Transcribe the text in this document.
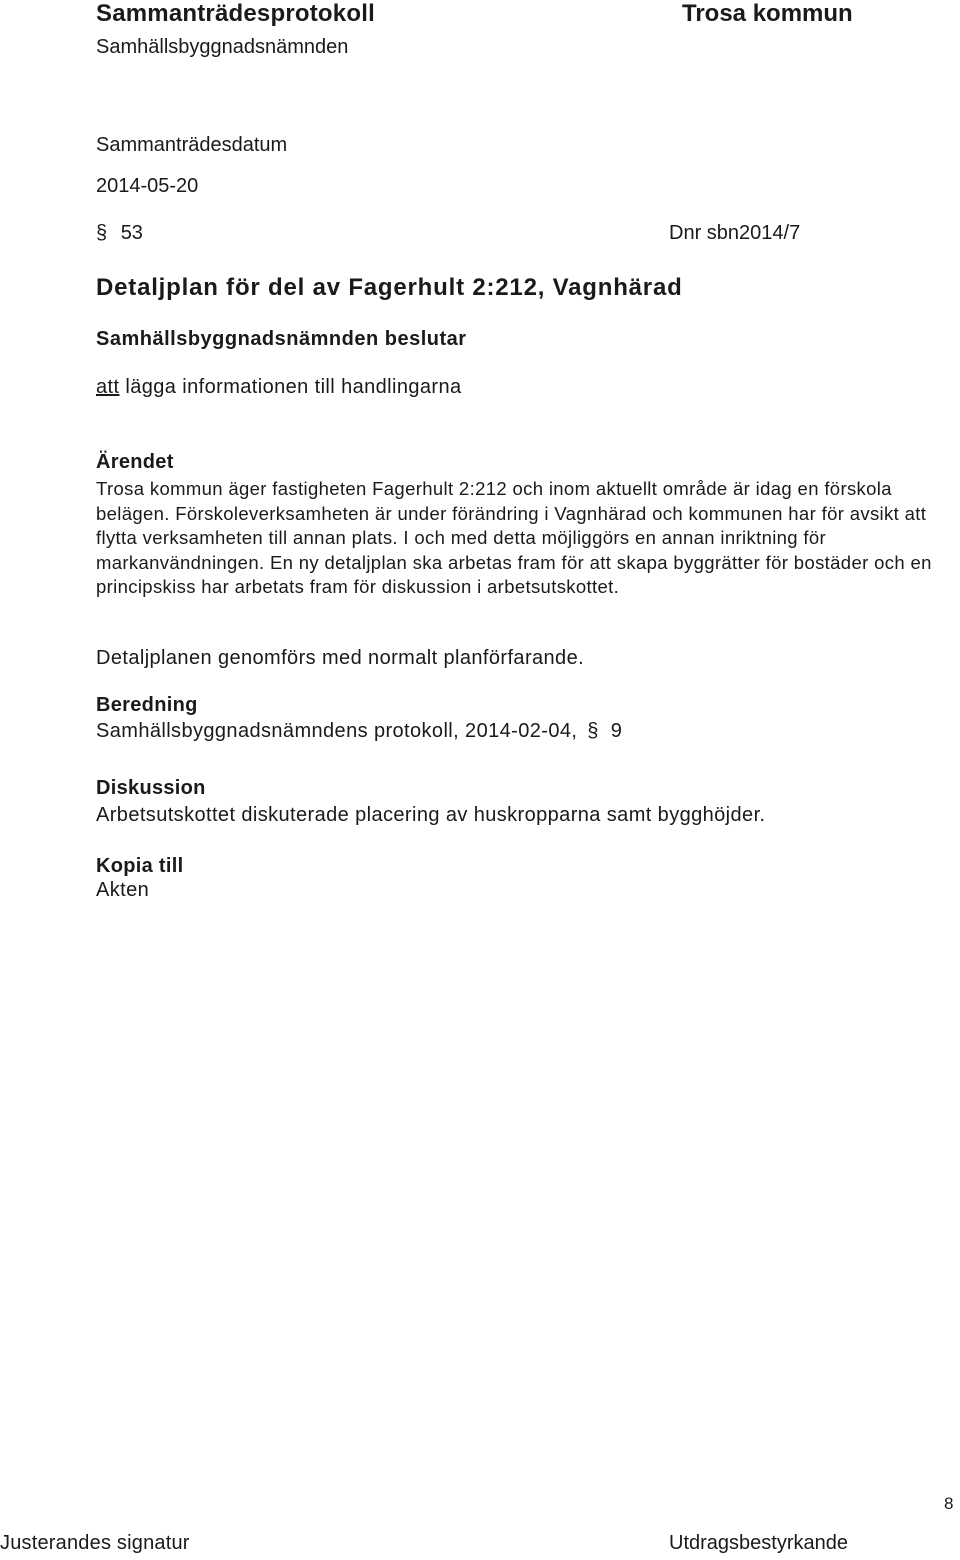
Sammanträdesprotokoll	Trosa kommun
Samhällsbyggnadsnämnden
Sammanträdesdatum
2014-05-20
§ 53	Dnr sbn2014/7
Detaljplan för del av Fagerhult 2:212, Vagnhärad
Samhällsbyggnadsnämnden beslutar
att lägga informationen till handlingarna
Ärendet
Trosa kommun äger fastigheten Fagerhult 2:212 och inom aktuellt område är idag en förskola belägen. Förskoleverksamheten är under förändring i Vagnhärad och kommunen har för avsikt att flytta verksamheten till annan plats. I och med detta möjliggörs en annan inriktning för markanvändningen. En ny detaljplan ska arbetas fram för att skapa byggrätter för bostäder och en principskiss har arbetats fram för diskussion i arbetsutskottet.
Detaljplanen genomförs med normalt planförfarande.
Beredning
Samhällsbyggnadsnämndens protokoll, 2014-02-04, § 9
Diskussion
Arbetsutskottet diskuterade placering av huskropparna samt bygghöjder.
Kopia till
Akten
8
Justerandes signatur	Utdragsbestyrkande
